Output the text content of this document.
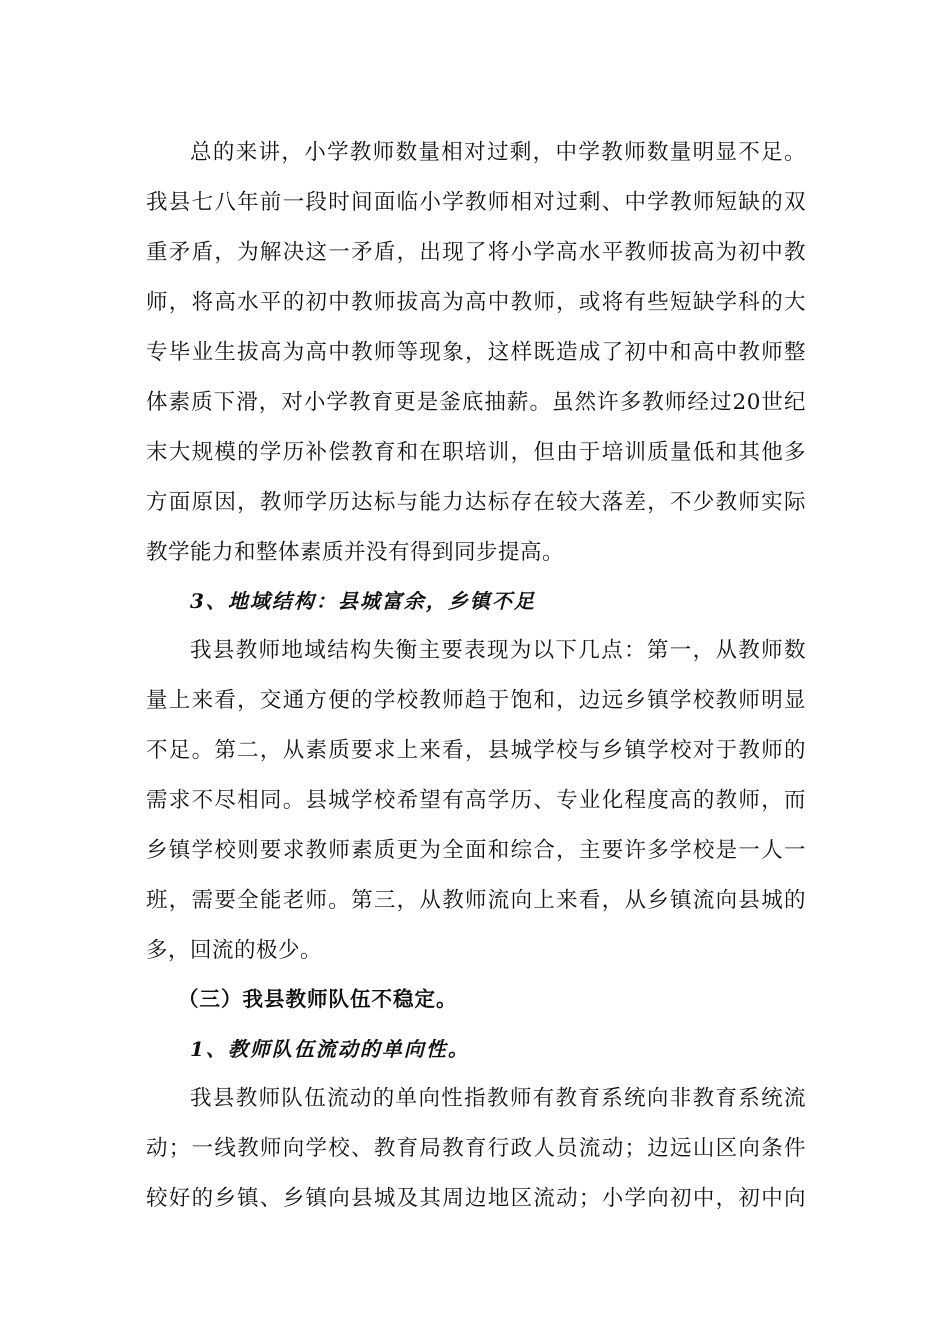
总的来讲，小学教师数量相对过剩，中学教师数量明显不足。
我县七八年前一段时间面临小学教师相对过剩、中学教师短缺的双
重矛盾，为解决这一矛盾，出现了将小学高水平教师拔高为初中教
师，将高水平的初中教师拔高为高中教师，或将有些短缺学科的大
专毕业生拔高为高中教师等现象，这样既造成了初中和高中教师整
体素质下滑，对小学教育更是釜底抽薪。虽然许多教师经过20世纪
末大规模的学历补偿教育和在职培训，但由于培训质量低和其他多
方面原因，教师学历达标与能力达标存在较大落差，不少教师实际
教学能力和整体素质并没有得到同步提高。
3、地域结构：县城富余，乡镇不足
我县教师地域结构失衡主要表现为以下几点：第一，从教师数
量上来看，交通方便的学校教师趋于饱和，边远乡镇学校教师明显
不足。第二，从素质要求上来看，县城学校与乡镇学校对于教师的
需求不尽相同。县城学校希望有高学历、专业化程度高的教师，而
乡镇学校则要求教师素质更为全面和综合，主要许多学校是一人一
班，需要全能老师。第三，从教师流向上来看，从乡镇流向县城的
多，回流的极少。
（三）我县教师队伍不稳定。
1、教师队伍流动的单向性。
我县教师队伍流动的单向性指教师有教育系统向非教育系统流
动；一线教师向学校、教育局教育行政人员流动；边远山区向条件
较好的乡镇、乡镇向县城及其周边地区流动；小学向初中，初中向
